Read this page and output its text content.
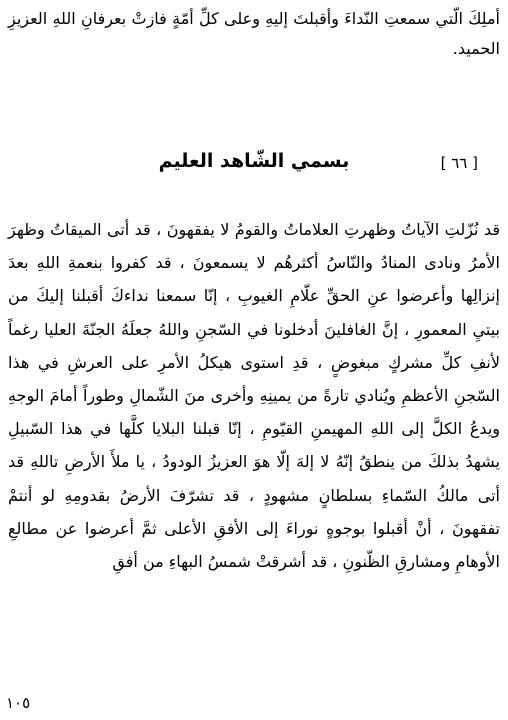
أملِكَ الّتي سمعتِ النّداءَ وأقبلتَ إليهِ وعلى كلِّ أمّةٍ فازتْ بعرفانِ اللهِ العزيزِ الحميد.

بسمي الشّاهد العليم	[ ٦٦ ]

قد نُزّلتِ الآياتُ وظهرتِ العلاماتُ والقومُ لا يفقهونَ ، قد أتى الميقاتُ وظهرَ الأمرُ ونادى المنادُ والنّاسُ أكثرهُم لا يسمعونَ ، قد كفروا بنعمةِ اللهِ بعدَ إنزالِها وأعرضوا عنِ الحقِّ علّامِ الغيوبِ ، إنّا سمعنا نداءكَ أقبلنا إليكَ من بيتيِ المعمورِ ، إنَّ الغافلينَ أدخلونا في السّجنِ واللهُ جعلَهُ الجنّةَ العليا رغماً لأنفِ كلِّ مشركٍ مبغوضٍ ، قدِ استوى هيكلُ الأمرِ على العرشِ في هذا السّجنِ الأعظمِ ويُنادي تارةً من يمينِهِ وأخرى منَ الشّمالِ وطوراً أمامَ الوجهِ ويدعُ الكلَّ إلى اللهِ المهيمنِ القيّومِ ، إنّا قبلنا البلايا كلَّها في هذا السّبيلِ يشهدُ بذلكَ من ينطقُ إنّهُ لا إلهَ إلّا هوَ العزيزُ الودودُ ، يا ملأَ الأرضِ تاللهِ قد أتى مالكُ السّماءِ بسلطانٍ مشهودٍ ، قد تشرّفَ الأرضُ بقدومِهِ لو أنتمْ تفقهونَ ، أنْ أقبلوا بوجوهٍ نوراءَ إلى الأفقِ الأعلى ثمَّ أعرضوا عن مطالعِ الأوهامِ ومشارقِ الظّنونِ ، قد أشرقتْ شمسُ البهاءِ من أفقِ

١٠٥
